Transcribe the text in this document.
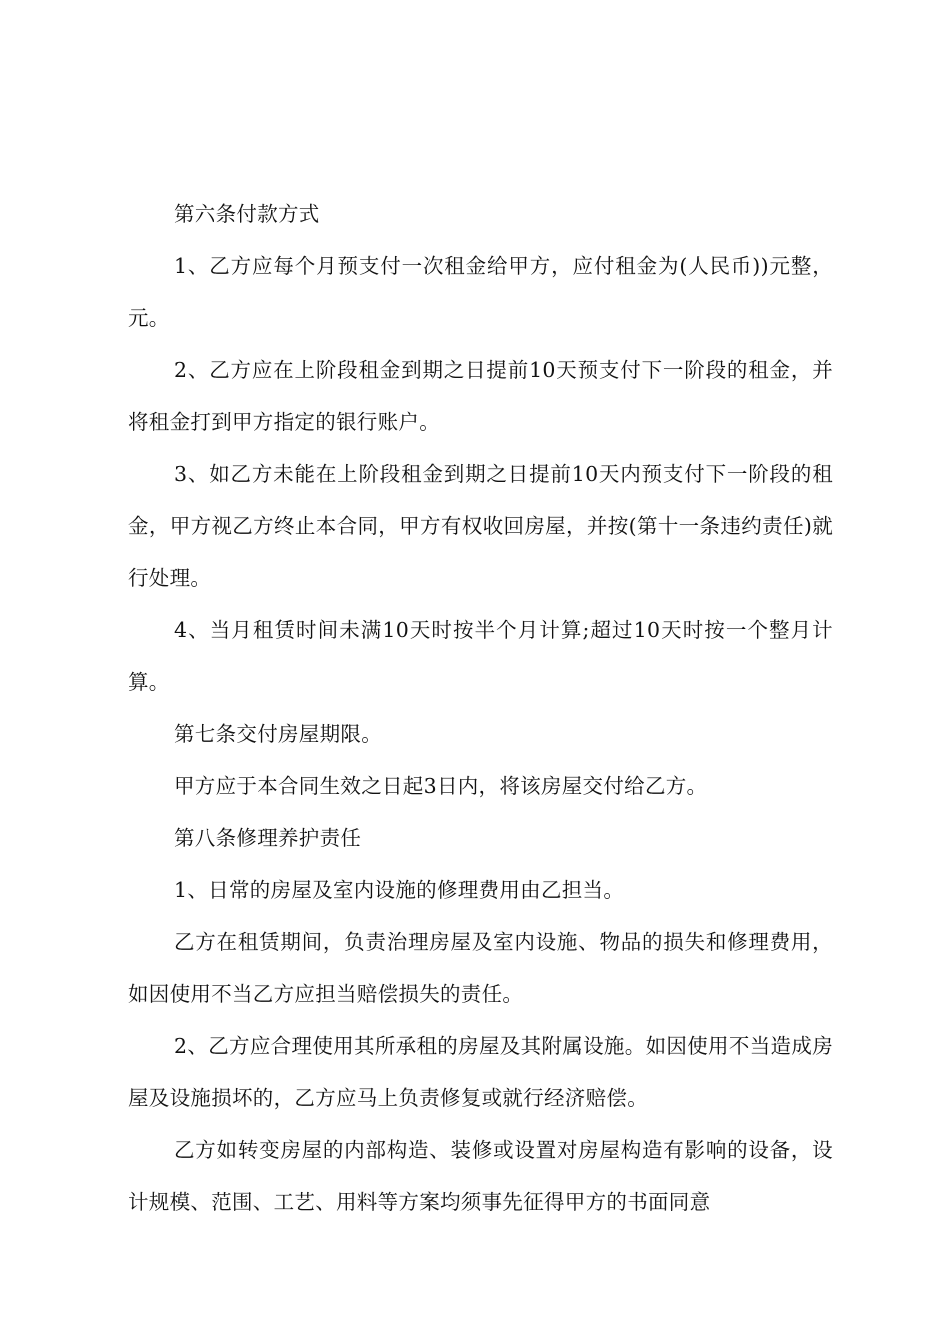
第六条付款方式

1、乙方应每个月预支付一次租金给甲方，应付租金为(人民币))元整，元。

2、乙方应在上阶段租金到期之日提前10天预支付下一阶段的租金，并将租金打到甲方指定的银行账户。

3、如乙方未能在上阶段租金到期之日提前10天内预支付下一阶段的租金，甲方视乙方终止本合同，甲方有权收回房屋，并按(第十一条违约责任)就行处理。

4、当月租赁时间未满10天时按半个月计算;超过10天时按一个整月计算。

第七条交付房屋期限。

甲方应于本合同生效之日起3日内，将该房屋交付给乙方。

第八条修理养护责任

1、日常的房屋及室内设施的修理费用由乙担当。

乙方在租赁期间，负责治理房屋及室内设施、物品的损失和修理费用，如因使用不当乙方应担当赔偿损失的责任。

2、乙方应合理使用其所承租的房屋及其附属设施。如因使用不当造成房屋及设施损坏的，乙方应马上负责修复或就行经济赔偿。

乙方如转变房屋的内部构造、装修或设置对房屋构造有影响的设备，设计规模、范围、工艺、用料等方案均须事先征得甲方的书面同意
